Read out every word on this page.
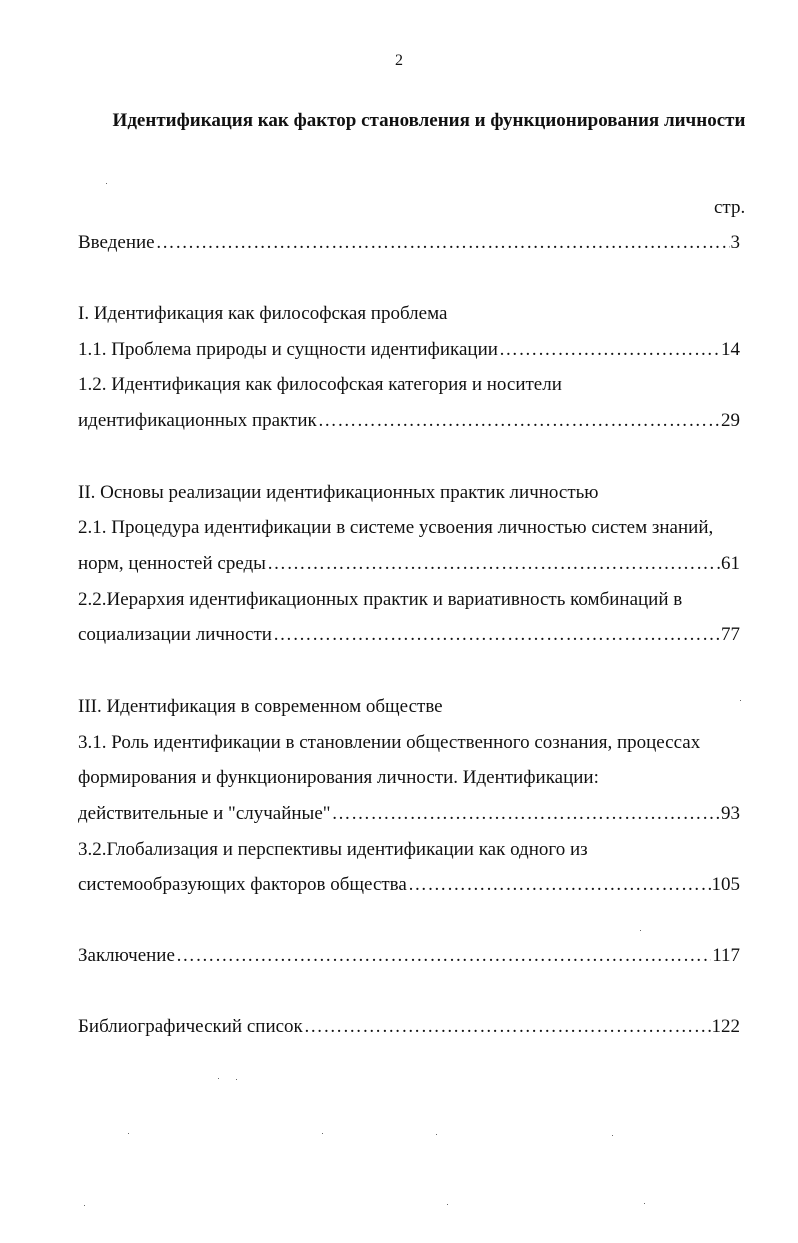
2
Идентификация как фактор становления и функционирования личности
стр.
Введение ……………………………………………………………………………………………………………………………………	3
I. Идентификация как философская проблема
1.1. Проблема природы и сущности идентификации ……………………………………………………………………………………………………………………………………	14
1.2. Идентификация как философская категория и носители
идентификационных практик ……………………………………………………………………………………………………………………………………	29
II. Основы реализации идентификационных практик личностью
2.1. Процедура идентификации в системе усвоения личностью систем знаний,
норм, ценностей среды ……………………………………………………………………………………………………………………………………	61
2.2.Иерархия идентификационных практик и вариативность комбинаций в
социализации личности ……………………………………………………………………………………………………………………………………	77
III. Идентификация в современном обществе
3.1. Роль идентификации в становлении общественного сознания, процессах
формирования и функционирования личности. Идентификации:
действительные и "случайные" ……………………………………………………………………………………………………………………………………	93
3.2.Глобализация и перспективы идентификации как одного из
системообразующих факторов общества ……………………………………………………………………………………………………………………………………	105
Заключение ……………………………………………………………………………………………………………………………………	117
Библиографический список ……………………………………………………………………………………………………………………………………	122
